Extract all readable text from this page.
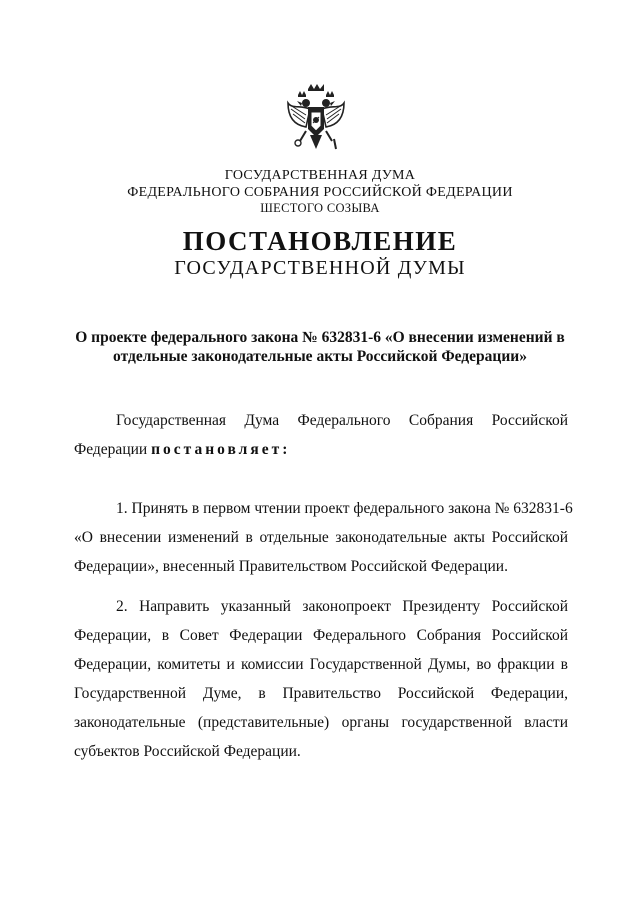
ГОСУДАРСТВЕННАЯ ДУМА
ФЕДЕРАЛЬНОГО СОБРАНИЯ РОССИЙСКОЙ ФЕДЕРАЦИИ
ШЕСТОГО СОЗЫВА
ПОСТАНОВЛЕНИЕ
ГОСУДАРСТВЕННОЙ ДУМЫ
О проекте федерального закона № 632831-6 «О внесении изменений в
отдельные законодательные акты Российской Федерации»
Государственная Дума Федерального Собрания Российской
Федерации постановляет:
1. Принять в первом чтении проект федерального закона № 632831-6
«О внесении изменений в отдельные законодательные акты Российской
Федерации», внесенный Правительством Российской Федерации.
2. Направить указанный законопроект Президенту Российской
Федерации, в Совет Федерации Федерального Собрания Российской
Федерации, комитеты и комиссии Государственной Думы, во фракции в
Государственной Думе, в Правительство Российской Федерации,
законодательные (представительные) органы государственной власти
субъектов Российской Федерации.
